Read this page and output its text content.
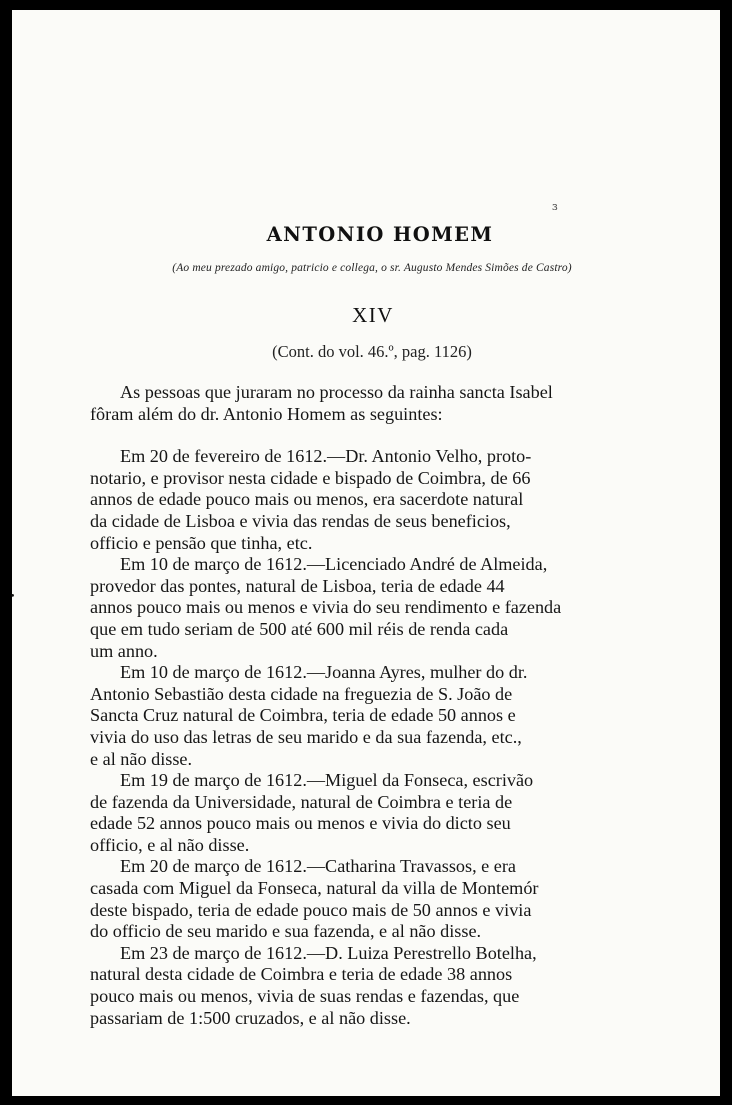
ɜ
•
ANTONIO HOMEM
(Ao meu prezado amigo, patricio e collega, o sr. Augusto Mendes Simões de Castro)
XIV
(Cont. do vol. 46.º, pag. 1126)

As pessoas que juraram no processo da rainha sancta Isabel
fôram além do dr. Antonio Homem as seguintes:

Em 20 de fevereiro de 1612.—Dr. Antonio Velho, proto-
notario, e provisor nesta cidade e bispado de Coimbra, de 66
annos de edade pouco mais ou menos, era sacerdote natural
da cidade de Lisboa e vivia das rendas de seus beneficios,
officio e pensão que tinha, etc.

Em 10 de março de 1612.—Licenciado André de Almeida,
provedor das pontes, natural de Lisboa, teria de edade 44
annos pouco mais ou menos e vivia do seu rendimento e fazenda
que em tudo seriam de 500 até 600 mil réis de renda cada
um anno.

Em 10 de março de 1612.—Joanna Ayres, mulher do dr.
Antonio Sebastião desta cidade na freguezia de S. João de
Sancta Cruz natural de Coimbra, teria de edade 50 annos e
vivia do uso das letras de seu marido e da sua fazenda, etc.,
e al não disse.

Em 19 de março de 1612.—Miguel da Fonseca, escrivão
de fazenda da Universidade, natural de Coimbra e teria de
edade 52 annos pouco mais ou menos e vivia do dicto seu
officio, e al não disse.

Em 20 de março de 1612.—Catharina Travassos, e era
casada com Miguel da Fonseca, natural da villa de Montemór
deste bispado, teria de edade pouco mais de 50 annos e vivia
do officio de seu marido e sua fazenda, e al não disse.

Em 23 de março de 1612.—D. Luiza Perestrello Botelha,
natural desta cidade de Coimbra e teria de edade 38 annos
pouco mais ou menos, vivia de suas rendas e fazendas, que
passariam de 1:500 cruzados, e al não disse.
